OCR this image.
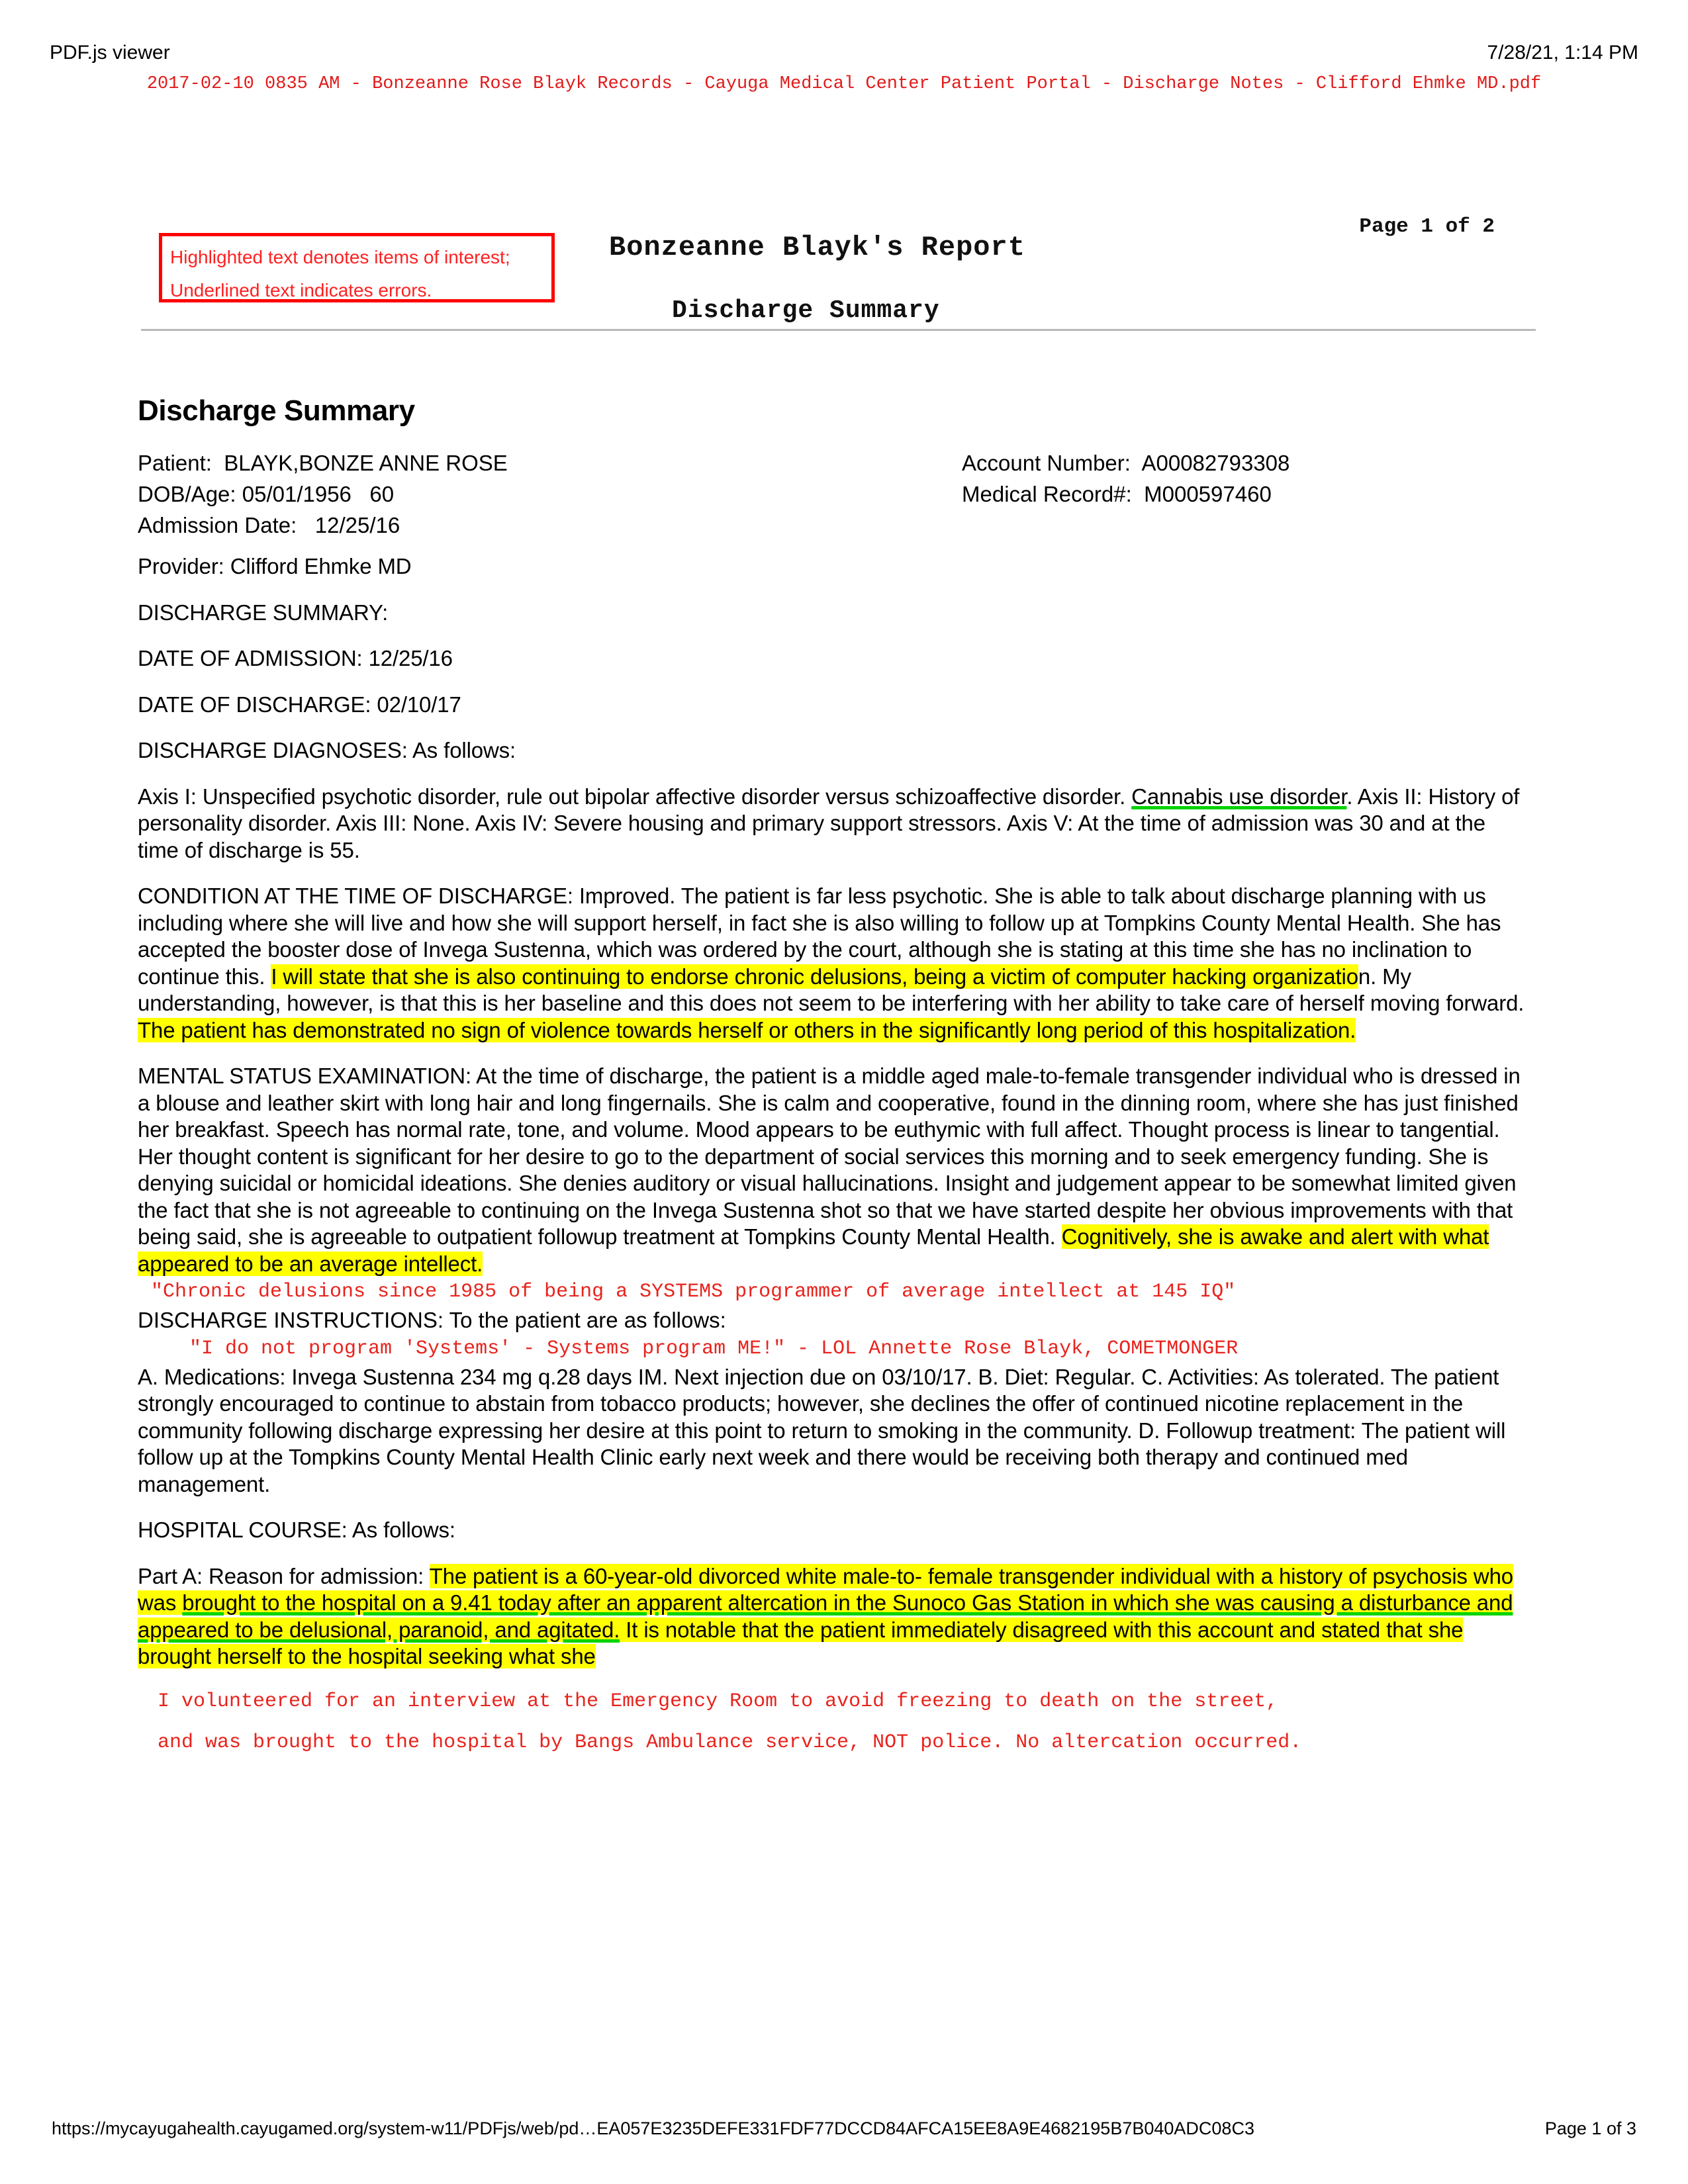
PDF.js viewer	7/28/21, 1:14 PM
2017-02-10 0835 AM - Bonzeanne Rose Blayk Records - Cayuga Medical Center Patient Portal - Discharge Notes - Clifford Ehmke MD.pdf
Page 1 of 2
Highlighted text denotes items of interest;
Underlined text indicates errors.
Bonzeanne Blayk's Report
Discharge Summary
Discharge Summary
Patient: BLAYK,BONZE ANNE ROSE
DOB/Age: 05/01/1956   60
Admission Date: 12/25/16
Account Number: A00082793308
Medical Record#: M000597460

Provider: Clifford Ehmke MD

DISCHARGE SUMMARY:

DATE OF ADMISSION: 12/25/16

DATE OF DISCHARGE: 02/10/17

DISCHARGE DIAGNOSES: As follows:

Axis I: Unspecified psychotic disorder, rule out bipolar affective disorder versus schizoaffective disorder. Cannabis use disorder. Axis II: History of personality disorder. Axis III: None. Axis IV: Severe housing and primary support stressors. Axis V: At the time of admission was 30 and at the time of discharge is 55.

CONDITION AT THE TIME OF DISCHARGE: Improved. The patient is far less psychotic. She is able to talk about discharge planning with us including where she will live and how she will support herself, in fact she is also willing to follow up at Tompkins County Mental Health. She has accepted the booster dose of Invega Sustenna, which was ordered by the court, although she is stating at this time she has no inclination to continue this. I will state that she is also continuing to endorse chronic delusions, being a victim of computer hacking organization. My understanding, however, is that this is her baseline and this does not seem to be interfering with her ability to take care of herself moving forward. The patient has demonstrated no sign of violence towards herself or others in the significantly long period of this hospitalization.

MENTAL STATUS EXAMINATION: At the time of discharge, the patient is a middle aged male-to-female transgender individual who is dressed in a blouse and leather skirt with long hair and long fingernails. She is calm and cooperative, found in the dinning room, where she has just finished her breakfast. Speech has normal rate, tone, and volume. Mood appears to be euthymic with full affect. Thought process is linear to tangential. Her thought content is significant for her desire to go to the department of social services this morning and to seek emergency funding. She is denying suicidal or homicidal ideations. She denies auditory or visual hallucinations. Insight and judgement appear to be somewhat limited given the fact that she is not agreeable to continuing on the Invega Sustenna shot so that we have started despite her obvious improvements with that being said, she is agreeable to outpatient followup treatment at Tompkins County Mental Health. Cognitively, she is awake and alert with what appeared to be an average intellect.

"Chronic delusions since 1985 of being a SYSTEMS programmer of average intellect at 145 IQ"

DISCHARGE INSTRUCTIONS: To the patient are as follows:

"I do not program 'Systems' - Systems program ME!" - LOL Annette Rose Blayk, COMETMONGER

A. Medications: Invega Sustenna 234 mg q.28 days IM. Next injection due on 03/10/17. B. Diet: Regular. C. Activities: As tolerated. The patient strongly encouraged to continue to abstain from tobacco products; however, she declines the offer of continued nicotine replacement in the community following discharge expressing her desire at this point to return to smoking in the community. D. Followup treatment: The patient will follow up at the Tompkins County Mental Health Clinic early next week and there would be receiving both therapy and continued med management.

HOSPITAL COURSE: As follows:

Part A: Reason for admission: The patient is a 60-year-old divorced white male-to- female transgender individual with a history of psychosis who was brought to the hospital on a 9.41 today after an apparent altercation in the Sunoco Gas Station in which she was causing a disturbance and appeared to be delusional, paranoid, and agitated. It is notable that the patient immediately disagreed with this account and stated that she brought herself to the hospital seeking what she

I volunteered for an interview at the Emergency Room to avoid freezing to death on the street,

and was brought to the hospital by Bangs Ambulance service, NOT police. No altercation occurred.

https://mycayugahealth.cayugamed.org/system-w11/PDFjs/web/pd…EA057E3235DEFE331FDF77DCCD84AFCA15EE8A9E4682195B7B040ADC08C3	Page 1 of 3
